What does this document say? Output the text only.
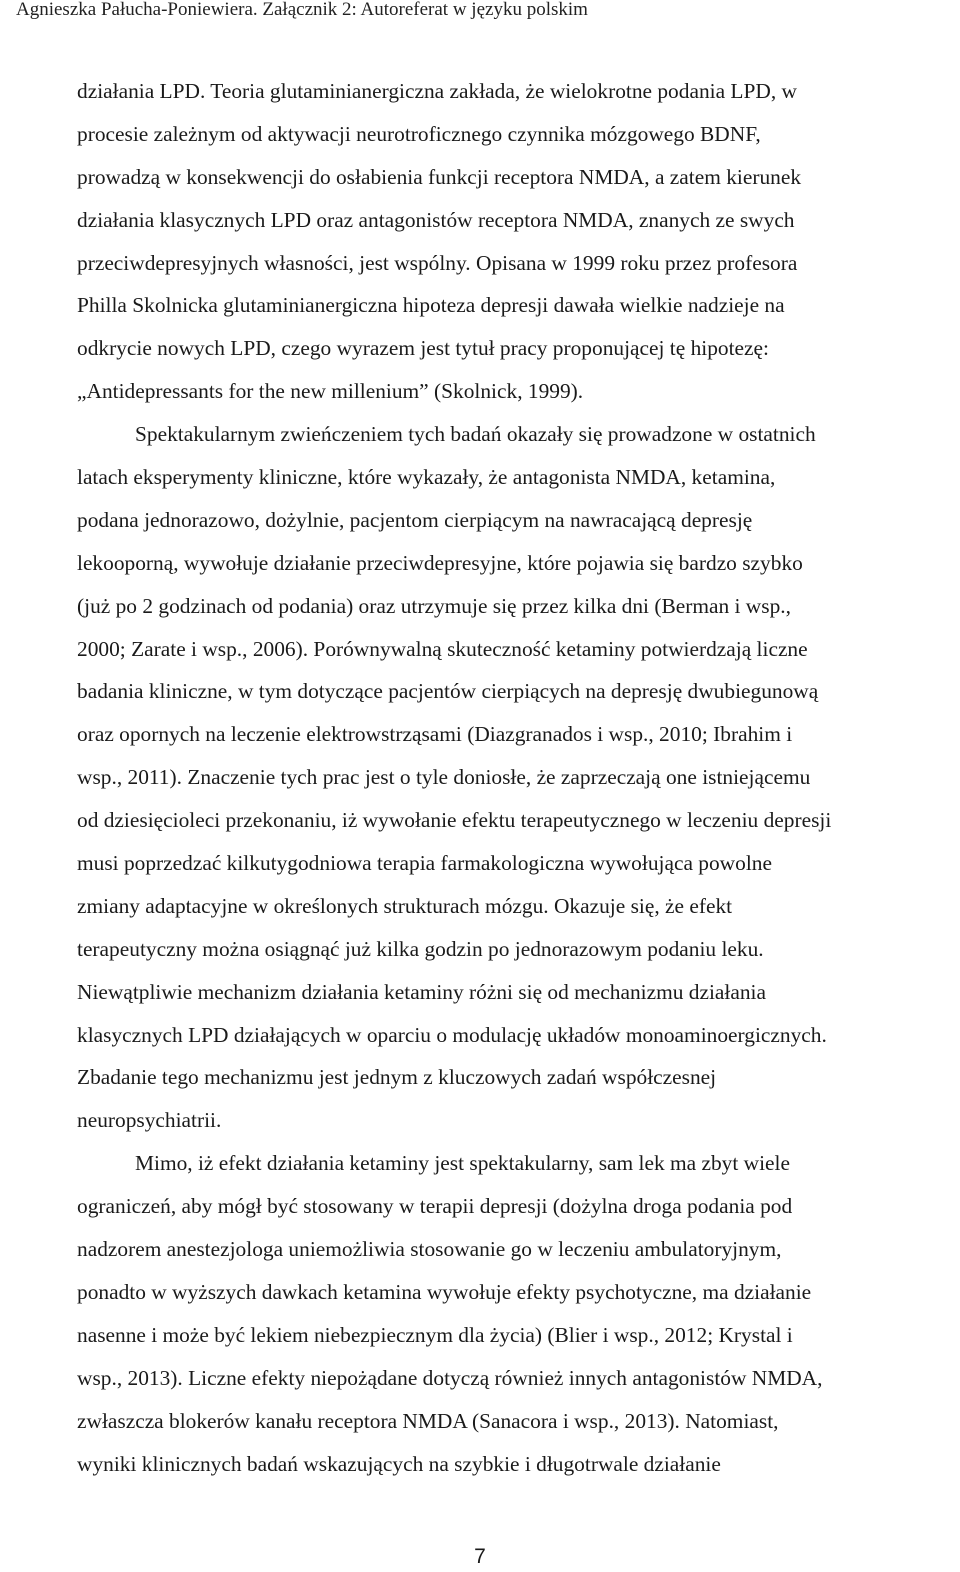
Agnieszka Pałucha-Poniewiera. Załącznik 2: Autoreferat w języku polskim
działania LPD. Teoria glutaminianergiczna zakłada, że wielokrotne podania LPD, w
procesie zależnym od aktywacji neurotroficznego czynnika mózgowego BDNF,
prowadzą w konsekwencji do osłabienia funkcji receptora NMDA, a zatem kierunek
działania klasycznych LPD oraz antagonistów receptora NMDA, znanych ze swych
przeciwdepresyjnych własności, jest wspólny. Opisana w 1999 roku przez profesora
Philla Skolnicka glutaminianergiczna hipoteza depresji dawała wielkie nadzieje na
odkrycie nowych LPD, czego wyrazem jest tytuł pracy proponującej tę hipotezę:
„Antidepressants for the new millenium” (Skolnick, 1999).
Spektakularnym zwieńczeniem tych badań okazały się prowadzone w ostatnich
latach eksperymenty kliniczne, które wykazały, że antagonista NMDA, ketamina,
podana jednorazowo, dożylnie, pacjentom cierpiącym na nawracającą depresję
lekooporną, wywołuje działanie przeciwdepresyjne, które pojawia się bardzo szybko
(już po 2 godzinach od podania) oraz utrzymuje się przez kilka dni (Berman i wsp.,
2000; Zarate i wsp., 2006). Porównywalną skuteczność ketaminy potwierdzają liczne
badania kliniczne, w tym dotyczące pacjentów cierpiących na depresję dwubiegunową
oraz opornych na leczenie elektrowstrząsami (Diazgranados i wsp., 2010; Ibrahim i
wsp., 2011). Znaczenie tych prac jest o tyle doniosłe, że zaprzeczają one istniejącemu
od dziesięcioleci przekonaniu, iż wywołanie efektu terapeutycznego w leczeniu depresji
musi poprzedzać kilkutygodniowa terapia farmakologiczna wywołująca powolne
zmiany adaptacyjne w określonych strukturach mózgu. Okazuje się, że efekt
terapeutyczny można osiągnąć już kilka godzin po jednorazowym podaniu leku.
Niewątpliwie mechanizm działania ketaminy różni się od mechanizmu działania
klasycznych LPD działających w oparciu o modulację układów monoaminoergicznych.
Zbadanie tego mechanizmu jest jednym z kluczowych zadań współczesnej
neuropsychiatrii.
Mimo, iż efekt działania ketaminy jest spektakularny, sam lek ma zbyt wiele
ograniczeń, aby mógł być stosowany w terapii depresji (dożylna droga podania pod
nadzorem anestezjologa uniemożliwia stosowanie go w leczeniu ambulatoryjnym,
ponadto w wyższych dawkach ketamina wywołuje efekty psychotyczne, ma działanie
nasenne i może być lekiem niebezpiecznym dla życia) (Blier i wsp., 2012; Krystal i
wsp., 2013). Liczne efekty niepożądane dotyczą również innych antagonistów NMDA,
zwłaszcza blokerów kanału receptora NMDA (Sanacora i wsp., 2013). Natomiast,
wyniki klinicznych badań wskazujących na szybkie i długotrwale działanie
7
